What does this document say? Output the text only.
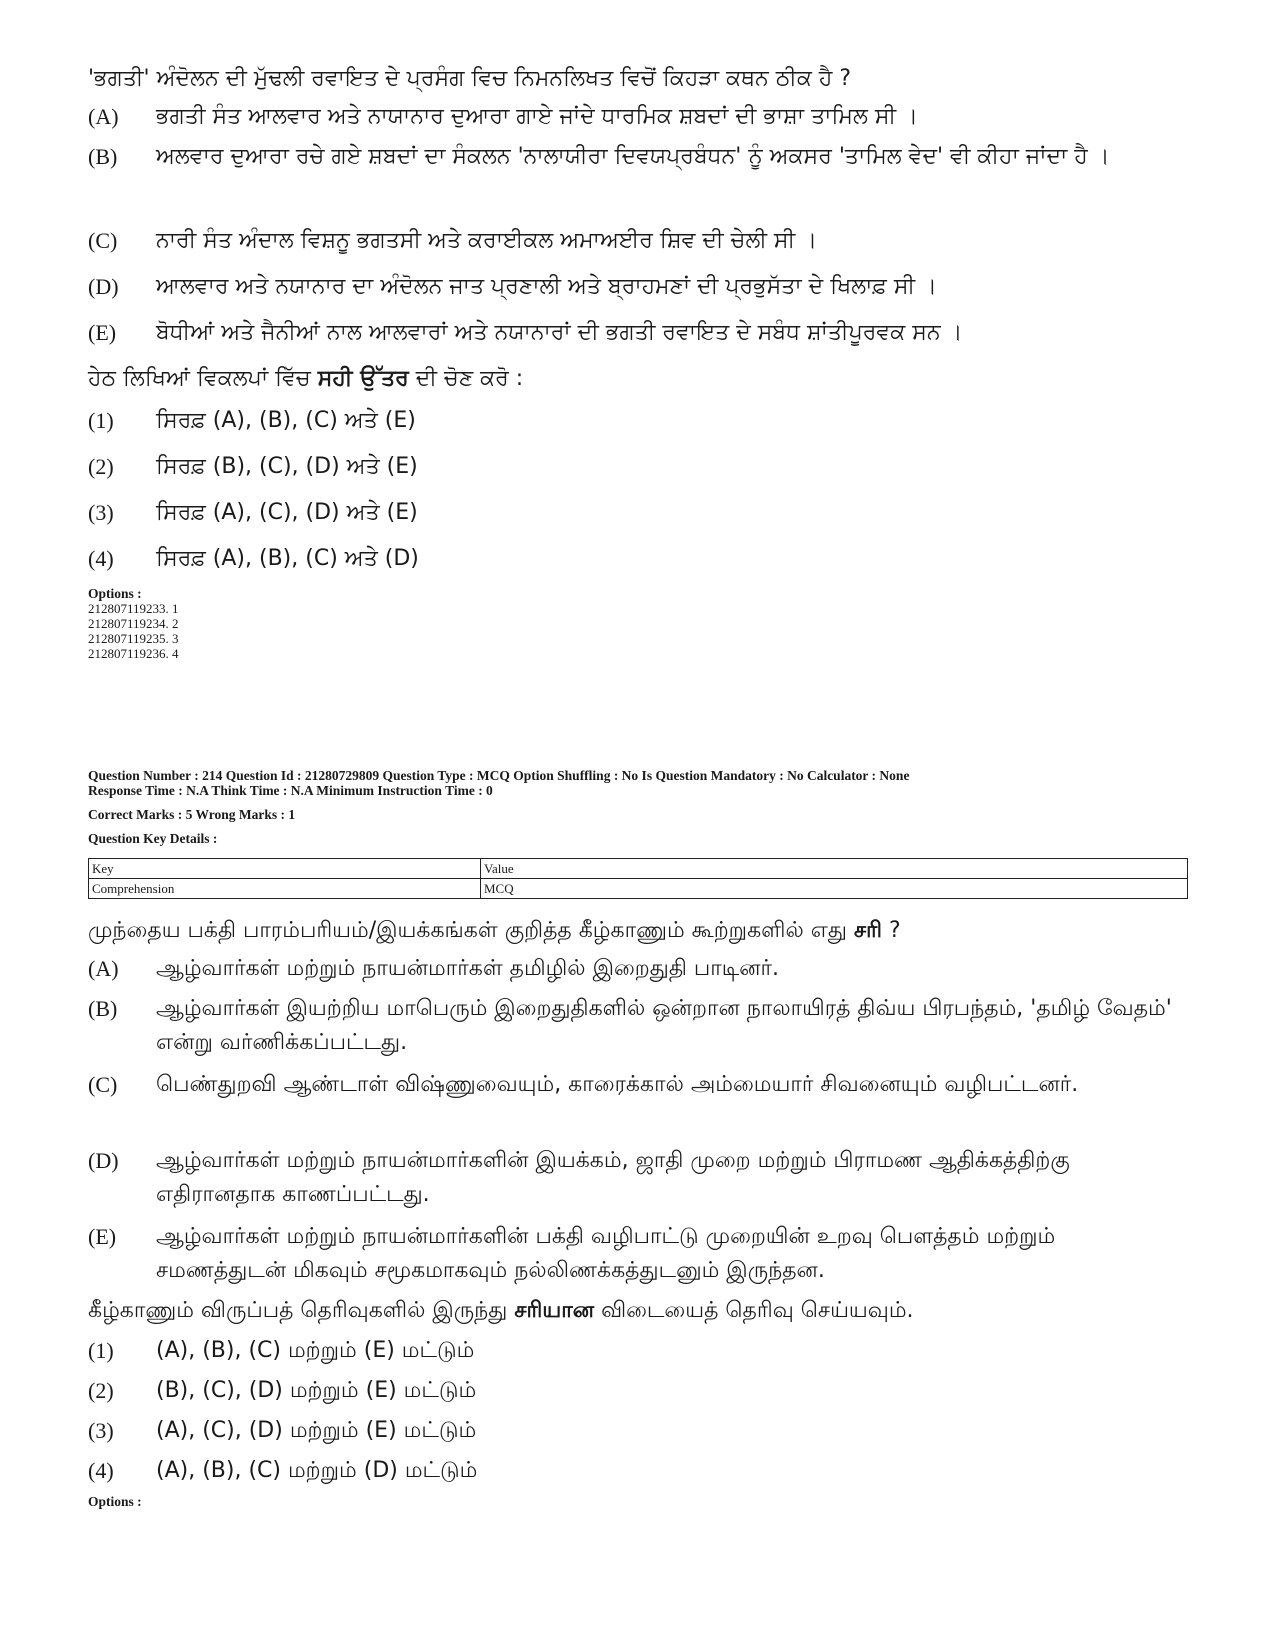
'ਭਗਤੀ' ਅੰਦੋਲਨ ਦੀ ਮੁੱਢਲੀ ਰਵਾਇਤ ਦੇ ਪ੍ਰਸੰਗ ਵਿਚ ਨਿਮਨਲਿਖਤ ਵਿਚੋਂ ਕਿਹੜਾ ਕਥਨ ਠੀਕ ਹੈ ?
(A)	ਭਗਤੀ ਸੰਤ ਆਲਵਾਰ ਅਤੇ ਨਾਯਾਨਾਰ ਦੁਆਰਾ ਗਾਏ ਜਾਂਦੇ ਧਾਰਮਿਕ ਸ਼ਬਦਾਂ ਦੀ ਭਾਸ਼ਾ ਤਾਮਿਲ ਸੀ ।
(B)	ਅਲਵਾਰ ਦੁਆਰਾ ਰਚੇ ਗਏ ਸ਼ਬਦਾਂ ਦਾ ਸੰਕਲਨ 'ਨਾਲਾਯੀਰਾ ਦਿਵਯਪ੍ਰਬੰਧਨ' ਨੂੰ ਅਕਸਰ 'ਤਾਮਿਲ ਵੇਦ' ਵੀ ਕੀਹਾ ਜਾਂਦਾ ਹੈ ।
(C)	ਨਾਰੀ ਸੰਤ ਅੰਦਾਲ ਵਿਸ਼ਨੂ ਭਗਤਸੀ ਅਤੇ ਕਰਾਈਕਲ ਅਮਾਅਈਰ ਸ਼ਿਵ ਦੀ ਚੇਲੀ ਸੀ ।
(D)	ਆਲਵਾਰ ਅਤੇ ਨਯਾਨਾਰ ਦਾ ਅੰਦੋਲਨ ਜਾਤ ਪ੍ਰਣਾਲੀ ਅਤੇ ਬ੍ਰਾਹਮਣਾਂ ਦੀ ਪ੍ਰਭੁਸੱਤਾ ਦੇ ਖਿਲਾਫ਼ ਸੀ ।
(E)	ਬੋਧੀਆਂ ਅਤੇ ਜੈਨੀਆਂ ਨਾਲ ਆਲਵਾਰਾਂ ਅਤੇ ਨਯਾਨਾਰਾਂ ਦੀ ਭਗਤੀ ਰਵਾਇਤ ਦੇ ਸਬੰਧ ਸ਼ਾਂਤੀਪੂਰਵਕ ਸਨ ।
ਹੇਠ ਲਿਖਿਆਂ ਵਿਕਲਪਾਂ ਵਿੱਚ ਸਹੀ ਉੱਤਰ ਦੀ ਚੋਣ ਕਰੋ :
(1)	ਸਿਰਫ਼ (A), (B), (C) ਅਤੇ (E)
(2)	ਸਿਰਫ਼ (B), (C), (D) ਅਤੇ (E)
(3)	ਸਿਰਫ਼ (A), (C), (D) ਅਤੇ (E)
(4)	ਸਿਰਫ਼ (A), (B), (C) ਅਤੇ (D)
Options :
212807119233. 1
212807119234. 2
212807119235. 3
212807119236. 4
Question Number : 214 Question Id : 21280729809 Question Type : MCQ Option Shuffling : No Is Question Mandatory : No Calculator : None
Response Time : N.A Think Time : N.A Minimum Instruction Time : 0
Correct Marks : 5 Wrong Marks : 1
Question Key Details :
Key	Value
Comprehension	MCQ
முந்தைய பக்தி பாரம்பரியம்/இயக்கங்கள் குறித்த கீழ்காணும் கூற்றுகளில் எது சரி ?
(A)	ஆழ்வார்கள் மற்றும் நாயன்மார்கள் தமிழில் இறைதுதி பாடினர்.
(B)	ஆழ்வார்கள் இயற்றிய மாபெரும் இறைதுதிகளில் ஒன்றான நாலாயிரத் திவ்ய பிரபந்தம், 'தமிழ் வேதம்' என்று வர்ணிக்கப்பட்டது.
(C)	பெண்துறவி ஆண்டாள் விஷ்ணுவையும், காரைக்கால் அம்மையார் சிவனையும் வழிபட்டனர்.
(D)	ஆழ்வார்கள் மற்றும் நாயன்மார்களின் இயக்கம், ஜாதி முறை மற்றும் பிராமண ஆதிக்கத்திற்கு எதிரானதாக காணப்பட்டது.
(E)	ஆழ்வார்கள் மற்றும் நாயன்மார்களின் பக்தி வழிபாட்டு முறையின் உறவு பௌத்தம் மற்றும் சமணத்துடன் மிகவும் சமூகமாகவும் நல்லிணக்கத்துடனும் இருந்தன.
கீழ்காணும் விருப்பத் தெரிவுகளில் இருந்து சரியான விடையைத் தெரிவு செய்யவும்.
(1)	(A), (B), (C) மற்றும் (E) மட்டும்
(2)	(B), (C), (D) மற்றும் (E) மட்டும்
(3)	(A), (C), (D) மற்றும் (E) மட்டும்
(4)	(A), (B), (C) மற்றும் (D) மட்டும்
Options :
